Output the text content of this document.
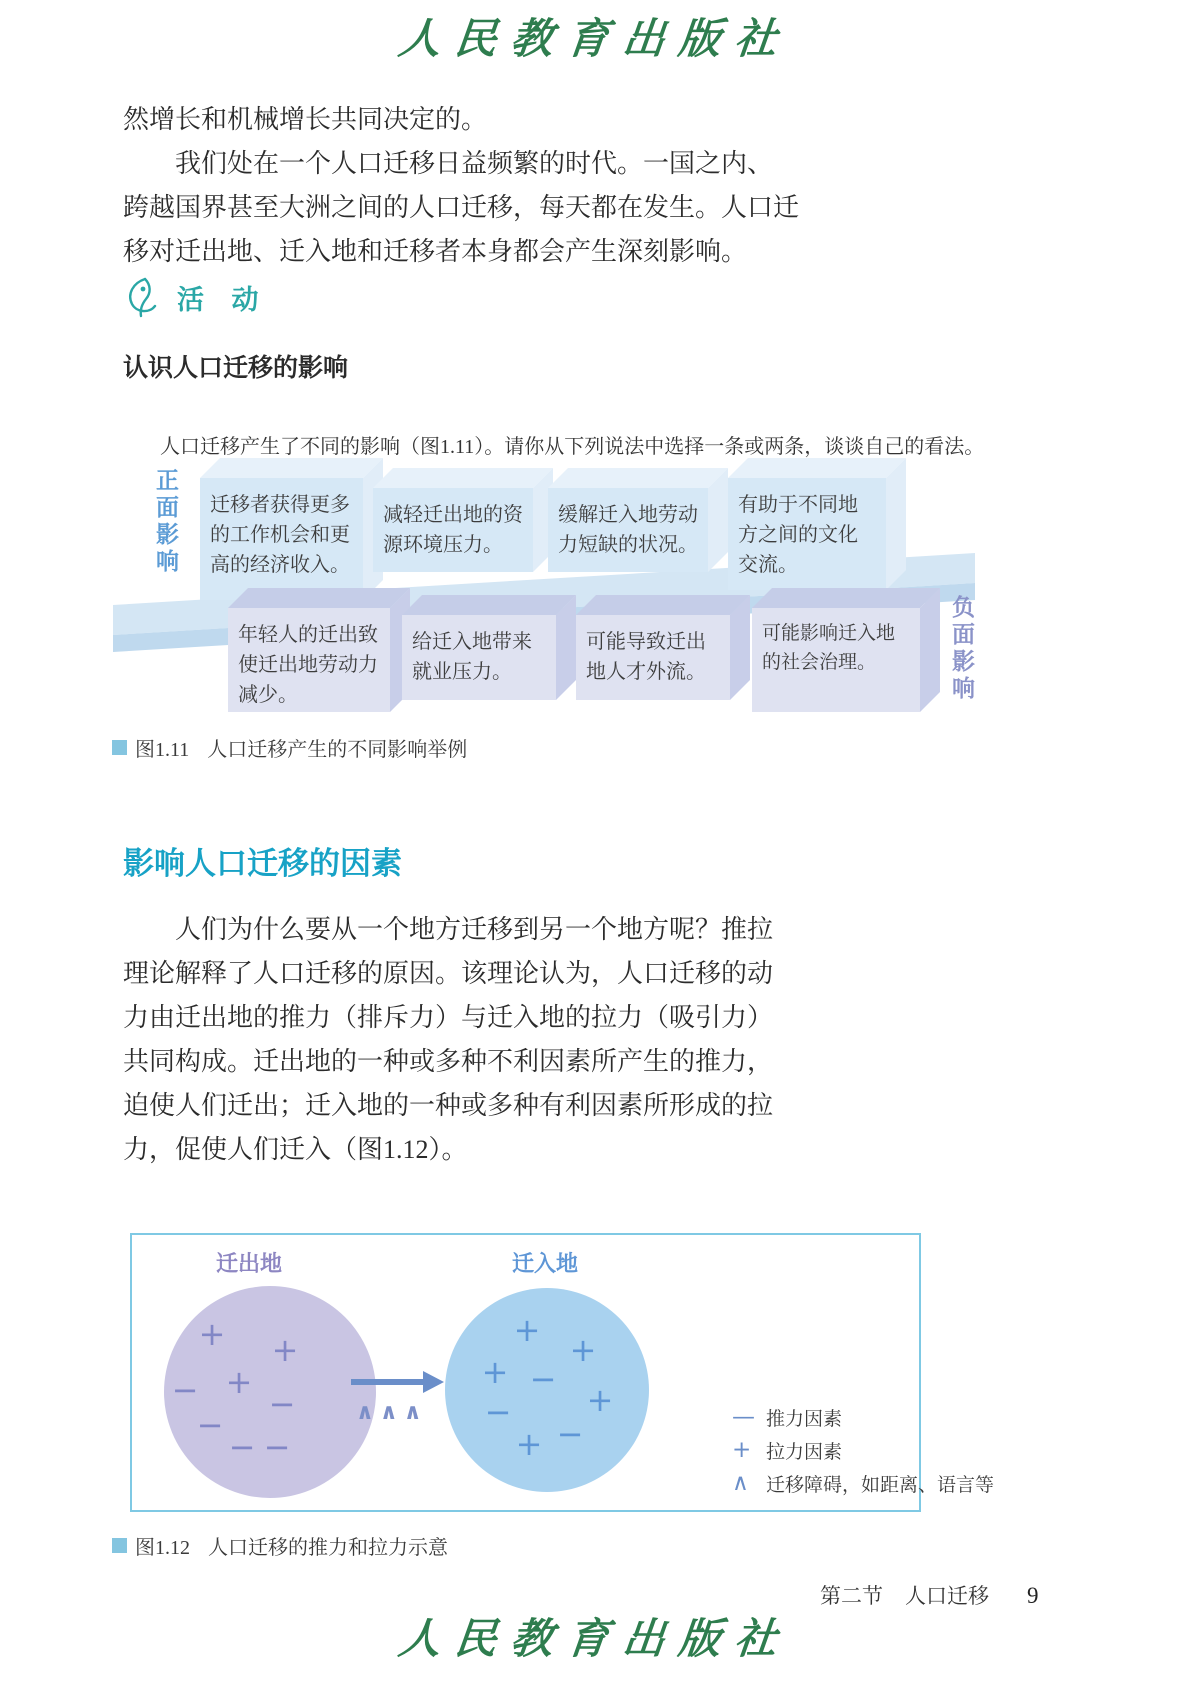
人民教育出版社
然增长和机械增长共同决定的。
我们处在一个人口迁移日益频繁的时代。一国之内、
跨越国界甚至大洲之间的人口迁移，每天都在发生。人口迁
移对迁出地、迁入地和迁移者本身都会产生深刻影响。
活 动
认识人口迁移的影响
人口迁移产生了不同的影响（图1.11）。请你从下列说法中选择一条或两条，谈谈自己的看法。
正面影响	迁移者获得更多的工作机会和更高的经济收入。
减轻迁出地的资源环境压力。
缓解迁入地劳动力短缺的状况。
有助于不同地方之间的文化交流。
年轻人的迁出致使迁出地劳动力减少。
给迁入地带来就业压力。
可能导致迁出地人才外流。
可能影响迁入地的社会治理。	负面影响
图1.11 人口迁移产生的不同影响举例
影响人口迁移的因素
人们为什么要从一个地方迁移到另一个地方呢？推拉
理论解释了人口迁移的原因。该理论认为，人口迁移的动
力由迁出地的推力（排斥力）与迁入地的拉力（吸引力）
共同构成。迁出地的一种或多种不利因素所产生的推力，
迫使人们迁出；迁入地的一种或多种有利因素所形成的拉
力，促使人们迁入（图1.12）。
迁出地	迁入地
+ +
− +
−
−
− −
+
+
+ −
+
−
−
+
∧∧∧	— 推力因素
+ 拉力因素
∧ 迁移障碍，如距离、语言等
图1.12 人口迁移的推力和拉力示意
第二节 人口迁移 9
人民教育出版社
